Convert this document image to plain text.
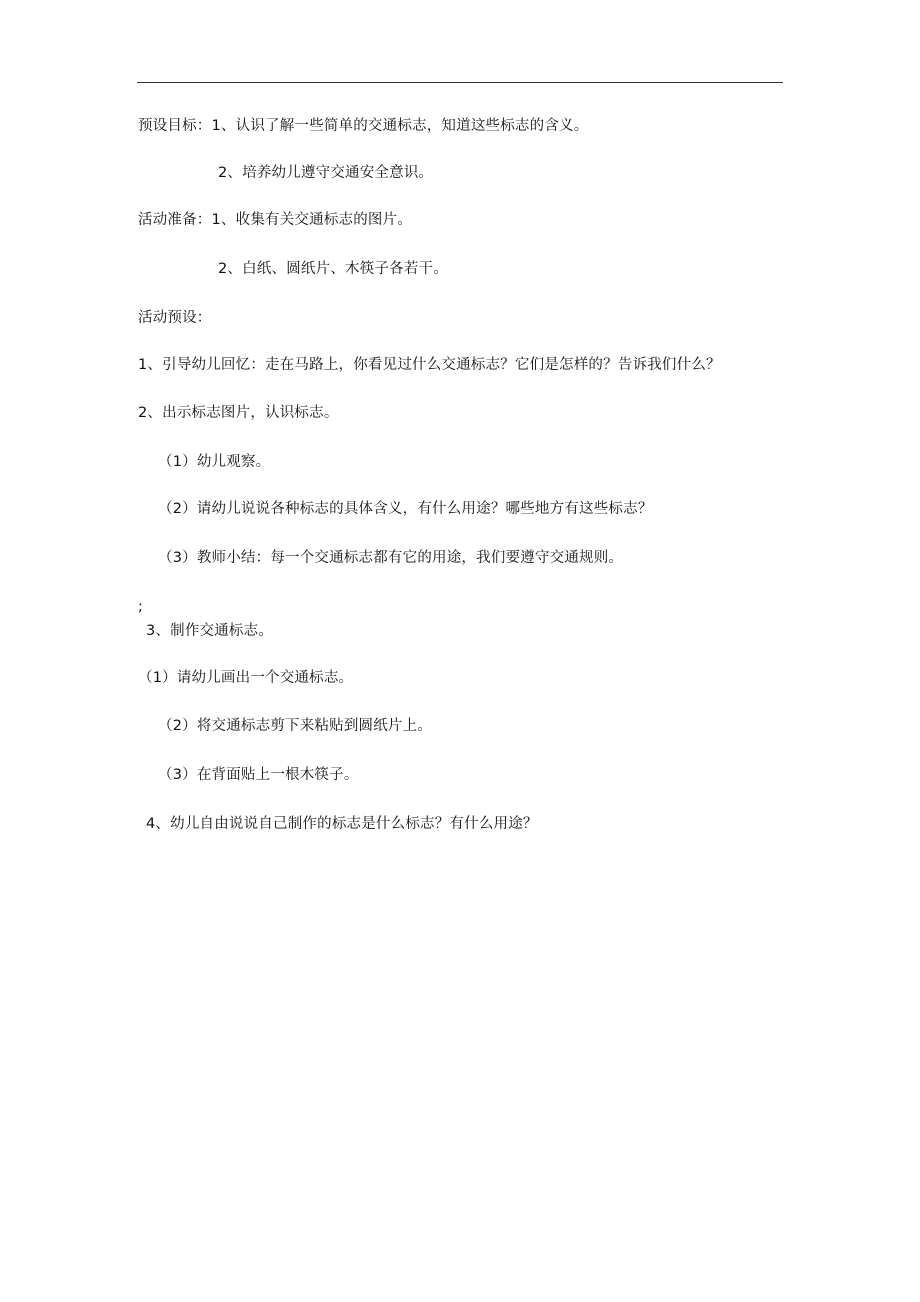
预设目标：1、认识了解一些简单的交通标志，知道这些标志的含义。
2、培养幼儿遵守交通安全意识。
活动准备：1、收集有关交通标志的图片。
2、白纸、圆纸片、木筷子各若干。
活动预设：
1、引导幼儿回忆：走在马路上，你看见过什么交通标志？它们是怎样的？告诉我们什么？
2、出示标志图片，认识标志。
（1）幼儿观察。
（2）请幼儿说说各种标志的具体含义，有什么用途？哪些地方有这些标志？
（3）教师小结：每一个交通标志都有它的用途，我们要遵守交通规则。
;
3、制作交通标志。
（1）请幼儿画出一个交通标志。
（2）将交通标志剪下来粘贴到圆纸片上。
（3）在背面贴上一根木筷子。
4、幼儿自由说说自己制作的标志是什么标志？有什么用途？
